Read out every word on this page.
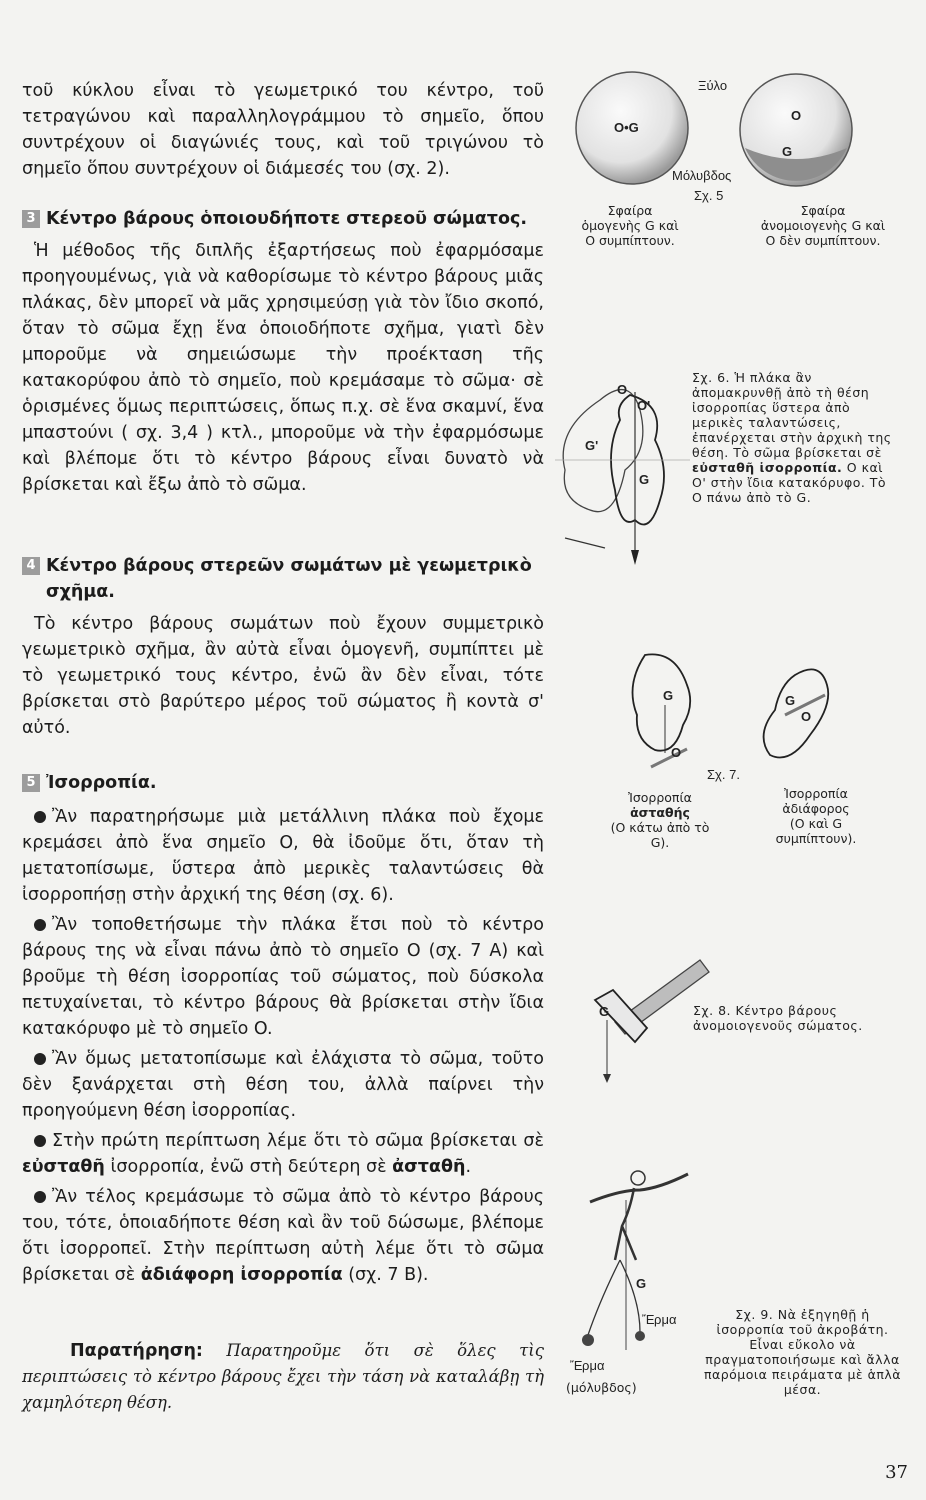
τοῦ κύκλου εἶναι τὸ γεωμετρικό του κέντρο, τοῦ τετραγώνου καὶ παραλληλογράμμου τὸ σημεῖο, ὅπου συντρέχουν οἱ διαγώνιές τους, καὶ τοῦ τριγώνου τὸ σημεῖο ὅπου συντρέχουν οἱ διάμεσές του (σχ. 2).

3 Κέντρο βάρους ὁποιουδήποτε στερεοῦ σώματος.

Ἡ μέθοδος τῆς διπλῆς ἐξαρτήσεως ποὺ ἐφαρμόσαμε προηγουμένως, γιὰ νὰ καθορίσωμε τὸ κέντρο βάρους μιᾶς πλάκας, δὲν μπορεῖ νὰ μᾶς χρησιμεύσῃ γιὰ τὸν ἴδιο σκοπό, ὅταν τὸ σῶμα ἔχῃ ἕνα ὁποιοδήποτε σχῆμα, γιατὶ δὲν μποροῦμε νὰ σημειώσωμε τὴν προέκταση τῆς κατακορύφου ἀπὸ τὸ σημεῖο, ποὺ κρεμάσαμε τὸ σῶμα· σὲ ὁρισμένες ὅμως περιπτώσεις, ὅπως π.χ. σὲ ἕνα σκαμνί, ἕνα μπαστούνι ( σχ. 3,4 ) κτλ., μποροῦμε νὰ τὴν ἐφαρμόσωμε καὶ βλέπομε ὅτι τὸ κέντρο βάρους εἶναι δυνατὸ νὰ βρίσκεται καὶ ἔξω ἀπὸ τὸ σῶμα.

4 Κέντρο βάρους στερεῶν σωμάτων μὲ γεωμετρικὸ σχῆμα.

Τὸ κέντρο βάρους σωμάτων ποὺ ἔχουν συμμετρικὸ γεωμετρικὸ σχῆμα, ἂν αὐτὰ εἶναι ὁμογενῆ, συμπίπτει μὲ τὸ γεωμετρικό τους κέντρο, ἐνῶ ἂν δὲν εἶναι, τότε βρίσκεται στὸ βαρύτερο μέρος τοῦ σώματος ἢ κοντὰ σ' αὐτό.

5 Ἰσορροπία.

Ἂν παρατηρήσωμε μιὰ μετάλλινη πλάκα ποὺ ἔχομε κρεμάσει ἀπὸ ἕνα σημεῖο O, θὰ ἰδοῦμε ὅτι, ὅταν τὴ μετατοπίσωμε, ὕστερα ἀπὸ μερικὲς ταλαντώσεις θὰ ἰσορροπήσῃ στὴν ἀρχική της θέση (σχ. 6).

Ἂν τοποθετήσωμε τὴν πλάκα ἔτσι ποὺ τὸ κέντρο βάρους της νὰ εἶναι πάνω ἀπὸ τὸ σημεῖο O (σχ. 7 A) καὶ βροῦμε τὴ θέση ἰσορροπίας τοῦ σώματος, ποὺ δύσκολα πετυχαίνεται, τὸ κέντρο βάρους θὰ βρίσκεται στὴν ἴδια κατακόρυφο μὲ τὸ σημεῖο O.

Ἂν ὅμως μετατοπίσωμε καὶ ἐλάχιστα τὸ σῶμα, τοῦτο δὲν ξανάρχεται στὴ θέση του, ἀλλὰ παίρνει τὴν προηγούμενη θέση ἰσορροπίας.

Στὴν πρώτη περίπτωση λέμε ὅτι τὸ σῶμα βρίσκεται σὲ εὐσταθῆ ἰσορροπία, ἐνῶ στὴ δεύτερη σὲ ἀσταθῆ.

Ἂν τέλος κρεμάσωμε τὸ σῶμα ἀπὸ τὸ κέντρο βάρους του, τότε, ὁποιαδήποτε θέση καὶ ἂν τοῦ δώσωμε, βλέπομε ὅτι ἰσορροπεῖ. Στὴν περίπτωση αὐτὴ λέμε ὅτι τὸ σῶμα βρίσκεται σὲ ἀδιάφορη ἰσορροπία (σχ. 7 B).

Παρατήρηση: Παρατηροῦμε ὅτι σὲ ὅλες τὶς περιπτώσεις τὸ κέντρο βάρους ἔχει τὴν τάση νὰ καταλάβῃ τὴ χαμηλότερη θέση.

O•G
O
G
Ξύλο
Μόλυβδος
Σχ. 5
Σφαίρα ὁμογενὴς G καὶ O συμπίπτουν.
Σφαίρα ἀνομοιογενὴς G καὶ O δὲν συμπίπτουν.
O
O'
G'
G
Σχ. 6. Ἡ πλάκα ἂν ἀπομακρυνθῇ ἀπὸ τὴ θέση ἰσορροπίας ὕστερα ἀπὸ μερικὲς ταλαντώσεις, ἐπανέρχεται στὴν ἀρχικὴ της θέση. Τὸ σῶμα βρίσκεται σὲ εὐσταθῆ ἰσορροπία. O καὶ O' στὴν ἴδια κατακόρυφο. Τὸ O πάνω ἀπὸ τὸ G.
G
O
G
O
Σχ. 7.
Ἰσορροπία
ἀσταθής
(O κάτω ἀπὸ τὸ G).
Ἰσορροπία
ἀδιάφορος
(O καὶ G συμπίπτουν).
G	Σχ. 8. Κέντρο βάρους ἀνομοιογενοῦς σώματος.
G
Ἔρμα
Ἔρμα
(μόλυβδος)
Σχ. 9. Νὰ ἐξηγηθῇ ἡ ἰσορροπία τοῦ ἀκροβάτη. Εἶναι εὔκολο νὰ πραγματοποιήσωμε καὶ ἄλλα παρόμοια πειράματα μὲ ἁπλὰ μέσα.
37
